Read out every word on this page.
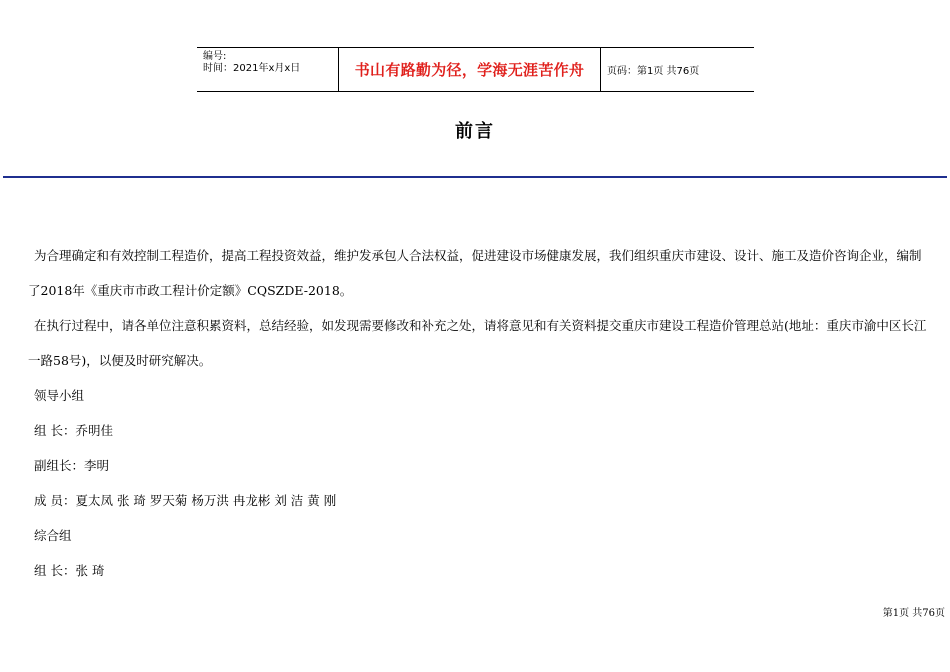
编号:
时间：2021年x月x日	书山有路勤为径，学海无涯苦作舟 页码：第1页 共76页
前言

为合理确定和有效控制工程造价，提高工程投资效益，维护发承包人合法权益，促进建设市场健康发展，我们组织重庆市建设、设计、施工及造价咨询企业，编制了2018年《重庆市市政工程计价定额》CQSZDE-2018。

在执行过程中，请各单位注意积累资料，总结经验，如发现需要修改和补充之处，请将意见和有关资料提交重庆市建设工程造价管理总站(地址：重庆市渝中区长江一路58号)，以便及时研究解决。

领导小组

组 长：乔明佳

副组长：李明

成 员：夏太凤 张 琦 罗天菊 杨万洪 冉龙彬 刘 洁 黄 刚

综合组

组 长：张 琦

第1页 共76页
